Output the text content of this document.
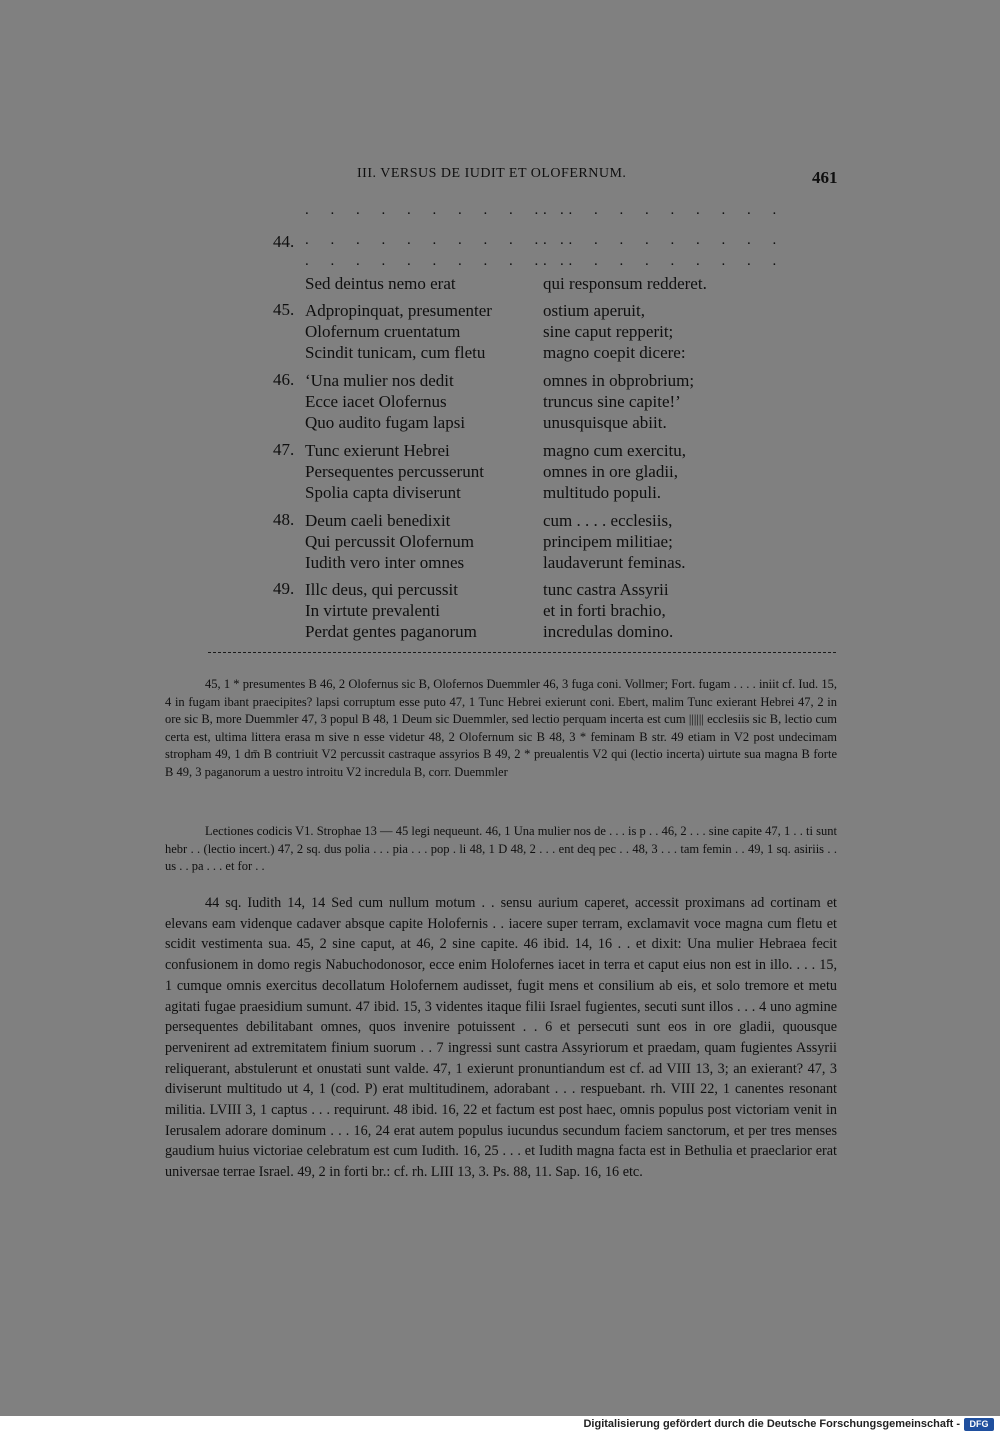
III. VERSUS DE IUDIT ET OLOFERNUM.	461
. . . . . . . . . . .
. . . . . . . . . .
44. . . . . . . . . . . .
. . . . . . . . . .
. . . . . . . . . . .
. . . . . . . . . .
Sed deintus nemo erat	qui responsum redderet.
45. Adpropinquat, presumenter	ostium aperuit,
Olofernum cruentatum	sine caput repperit;
Scindit tunicam, cum fletu	magno coepit dicere:
46. ‘Una mulier nos dedit	omnes in obprobrium;
Ecce iacet Olofernus	truncus sine capite!’
Quo audito fugam lapsi	unusquisque abiit.
47. Tunc exierunt Hebrei	magno cum exercitu,
Persequentes percusserunt	omnes in ore gladii,
Spolia capta diviserunt	multitudo populi.
48. Deum caeli benedixit	cum . . . . ecclesiis,
Qui percussit Olofernum	principem militiae;
Iudith vero inter omnes	laudaverunt feminas.
49. Illc deus, qui percussit	tunc castra Assyrii
In virtute prevalenti	et in forti brachio,
Perdat gentes paganorum	incredulas domino.

45, 1 * presumentes B 46, 2 Olofernus sic B, Olofernos Duemmler 46, 3 fuga coni. Vollmer; Fort. fugam . . . . iniit cf. Iud. 15, 4 in fugam ibant praecipites? lapsi corruptum esse puto 47, 1 Tunc Hebrei exierunt coni. Ebert, malim Tunc exierant Hebrei 47, 2 in ore sic B, more Duemmler 47, 3 popul B 48, 1 Deum sic Duemmler, sed lectio perquam incerta est cum |||||| ecclesiis sic B, lectio cum certa est, ultima littera erasa m sive n esse videtur 48, 2 Olofernum sic B 48, 3 * feminam B str. 49 etiam in V2 post undecimam stropham 49, 1 dm̄ B contriuit V2 percussit castraque assyrios B 49, 2 * preualentis V2 qui (lectio incerta) uirtute sua magna B forte B 49, 3 paganorum a uestro introitu V2 incredula B, corr. Duemmler

Lectiones codicis V1. Strophae 13 — 45 legi nequeunt. 46, 1 Una mulier nos de . . . is p . . 46, 2 . . . sine capite 47, 1 . . ti sunt hebr . . (lectio incert.) 47, 2 sq. dus polia . . . pia . . . pop . li 48, 1 D 48, 2 . . . ent deq pec . . 48, 3 . . . tam femin . . 49, 1 sq. asiriis . . us . . pa . . . et for . .

44 sq. Iudith 14, 14 Sed cum nullum motum . . sensu aurium caperet, accessit proximans ad cortinam et elevans eam videnque cadaver absque capite Holofernis . . iacere super terram, exclamavit voce magna cum fletu et scidit vestimenta sua. 45, 2 sine caput, at 46, 2 sine capite. 46 ibid. 14, 16 . . et dixit: Una mulier Hebraea fecit confusionem in domo regis Nabuchodonosor, ecce enim Holofernes iacet in terra et caput eius non est in illo. . . . 15, 1 cumque omnis exercitus decollatum Holofernem audisset, fugit mens et consilium ab eis, et solo tremore et metu agitati fugae praesidium sumunt. 47 ibid. 15, 3 videntes itaque filii Israel fugientes, secuti sunt illos . . . 4 uno agmine persequentes debilitabant omnes, quos invenire potuissent . . 6 et persecuti sunt eos in ore gladii, quousque pervenirent ad extremitatem finium suorum . . 7 ingressi sunt castra Assyriorum et praedam, quam fugientes Assyrii reliquerant, abstulerunt et onustati sunt valde. 47, 1 exierunt pronuntiandum est cf. ad VIII 13, 3; an exierant? 47, 3 diviserunt multitudo ut 4, 1 (cod. P) erat multitudinem, adorabant . . . respuebant. rh. VIII 22, 1 canentes resonant militia. LVIII 3, 1 captus . . . requirunt. 48 ibid. 16, 22 et factum est post haec, omnis populus post victoriam venit in Ierusalem adorare dominum . . . 16, 24 erat autem populus iucundus secundum faciem sanctorum, et per tres menses gaudium huius victoriae celebratum est cum Iudith. 16, 25 . . . et Iudith magna facta est in Bethulia et praeclarior erat universae terrae Israel. 49, 2 in forti br.: cf. rh. LIII 13, 3. Ps. 88, 11. Sap. 16, 16 etc.

Digitalisierung gefördert durch die Deutsche Forschungsgemeinschaft -	DFG
